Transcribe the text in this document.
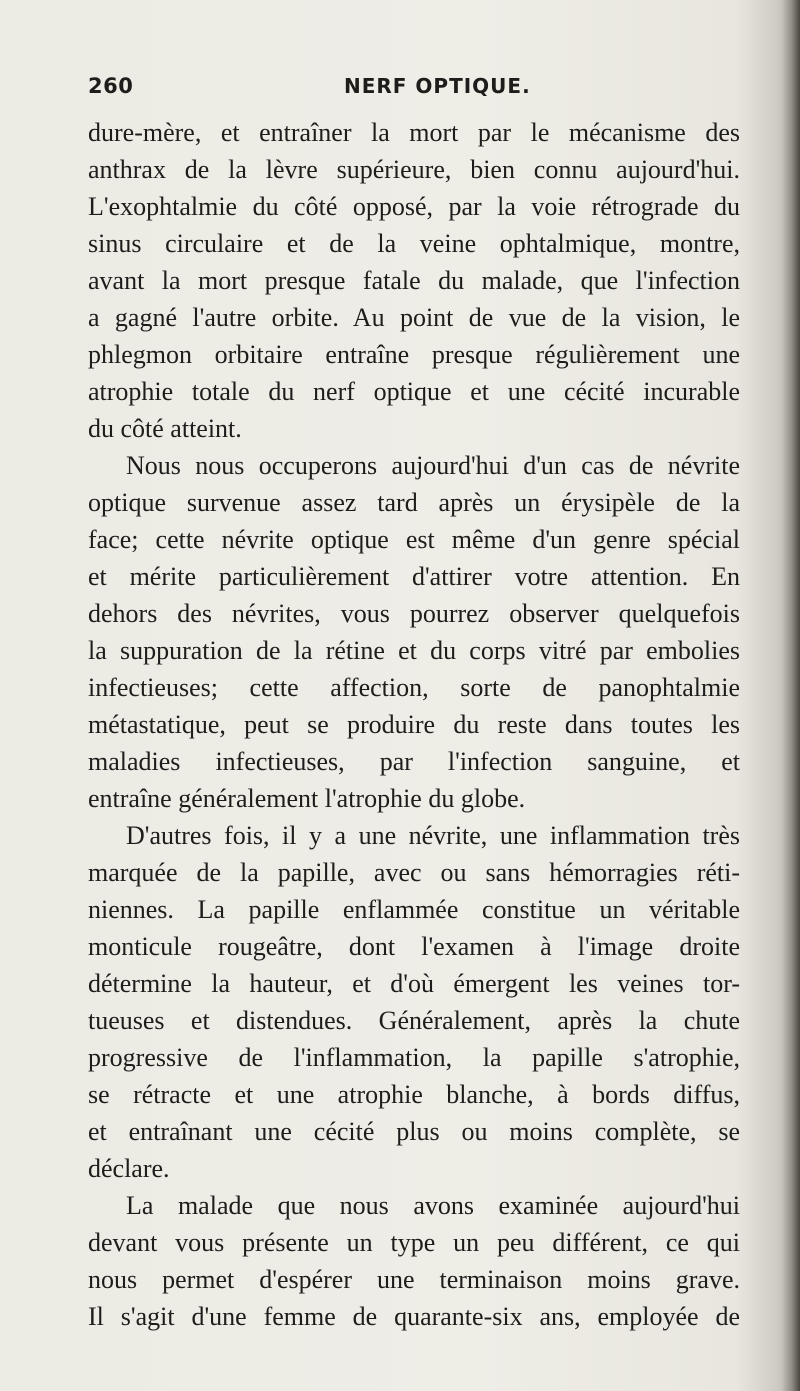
260	NERF OPTIQUE.
dure-mère, et entraîner la mort par le mécanisme des
anthrax de la lèvre supérieure, bien connu aujourd'hui.
L'exophtalmie du côté opposé, par la voie rétrograde du
sinus circulaire et de la veine ophtalmique, montre,
avant la mort presque fatale du malade, que l'infection
a gagné l'autre orbite. Au point de vue de la vision, le
phlegmon orbitaire entraîne presque régulièrement une
atrophie totale du nerf optique et une cécité incurable
du côté atteint.
Nous nous occuperons aujourd'hui d'un cas de névrite
optique survenue assez tard après un érysipèle de la
face; cette névrite optique est même d'un genre spécial
et mérite particulièrement d'attirer votre attention. En
dehors des névrites, vous pourrez observer quelquefois
la suppuration de la rétine et du corps vitré par embolies
infectieuses; cette affection, sorte de panophtalmie
métastatique, peut se produire du reste dans toutes les
maladies infectieuses, par l'infection sanguine, et
entraîne généralement l'atrophie du globe.
D'autres fois, il y a une névrite, une inflammation très
marquée de la papille, avec ou sans hémorragies réti-
niennes. La papille enflammée constitue un véritable
monticule rougeâtre, dont l'examen à l'image droite
détermine la hauteur, et d'où émergent les veines tor-
tueuses et distendues. Généralement, après la chute
progressive de l'inflammation, la papille s'atrophie,
se rétracte et une atrophie blanche, à bords diffus,
et entraînant une cécité plus ou moins complète, se
déclare.
La malade que nous avons examinée aujourd'hui
devant vous présente un type un peu différent, ce qui
nous permet d'espérer une terminaison moins grave.
Il s'agit d'une femme de quarante-six ans, employée de
